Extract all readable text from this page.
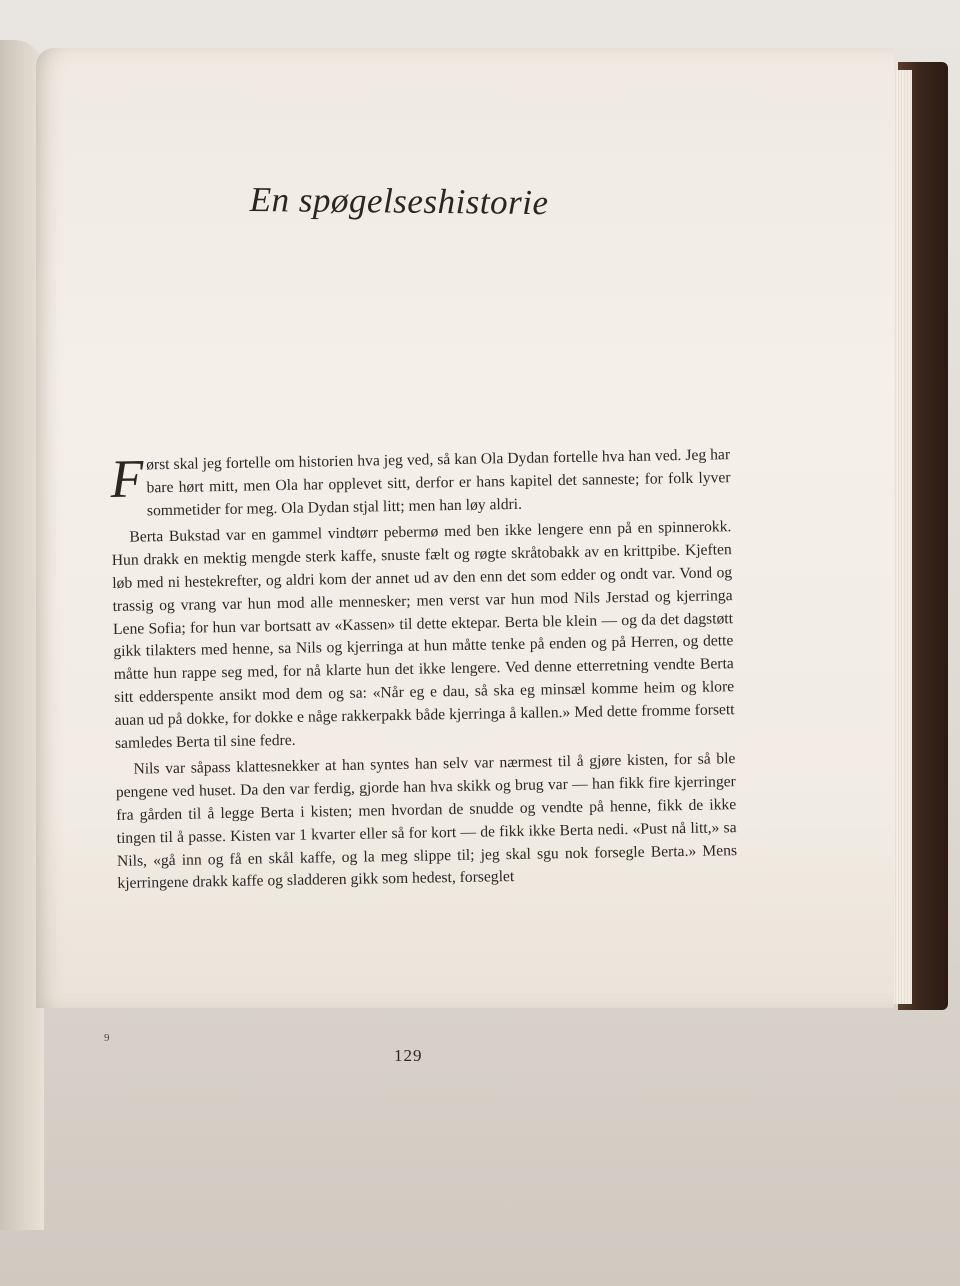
En spøgelseshistorie

Først skal jeg fortelle om historien hva jeg ved, så kan Ola Dydan fortelle hva han ved. Jeg har bare hørt mitt, men Ola har opplevet sitt, derfor er hans kapitel det sanneste; for folk lyver sommetider for meg. Ola Dydan stjal litt; men han løy aldri.

Berta Bukstad var en gammel vindtørr pebermø med ben ikke lengere enn på en spinnerokk. Hun drakk en mektig mengde sterk kaffe, snuste fælt og røgte skråtobakk av en krittpibe. Kjeften løb med ni hestekrefter, og aldri kom der annet ud av den enn det som edder og ondt var. Vond og trassig og vrang var hun mod alle mennesker; men verst var hun mod Nils Jerstad og kjerringa Lene Sofia; for hun var bortsatt av «Kassen» til dette ektepar. Berta ble klein — og da det dagstøtt gikk tilakters med henne, sa Nils og kjerringa at hun måtte tenke på enden og på Herren, og dette måtte hun rappe seg med, for nå klarte hun det ikke lengere. Ved denne etterretning vendte Berta sitt edderspente ansikt mod dem og sa: «Når eg e dau, så ska eg minsæl komme heim og klore auan ud på dokke, for dokke e någe rakkerpakk både kjerringa å kallen.» Med dette fromme forsett samledes Berta til sine fedre.

Nils var såpass klattesnekker at han syntes han selv var nærmest til å gjøre kisten, for så ble pengene ved huset. Da den var ferdig, gjorde han hva skikk og brug var — han fikk fire kjerringer fra gården til å legge Berta i kisten; men hvordan de snudde og vendte på henne, fikk de ikke tingen til å passe. Kisten var 1 kvarter eller så for kort — de fikk ikke Berta nedi. «Pust nå litt,» sa Nils, «gå inn og få en skål kaffe, og la meg slippe til; jeg skal sgu nok forsegle Berta.» Mens kjerringene drakk kaffe og sladderen gikk som hedest, forseglet

9
129
